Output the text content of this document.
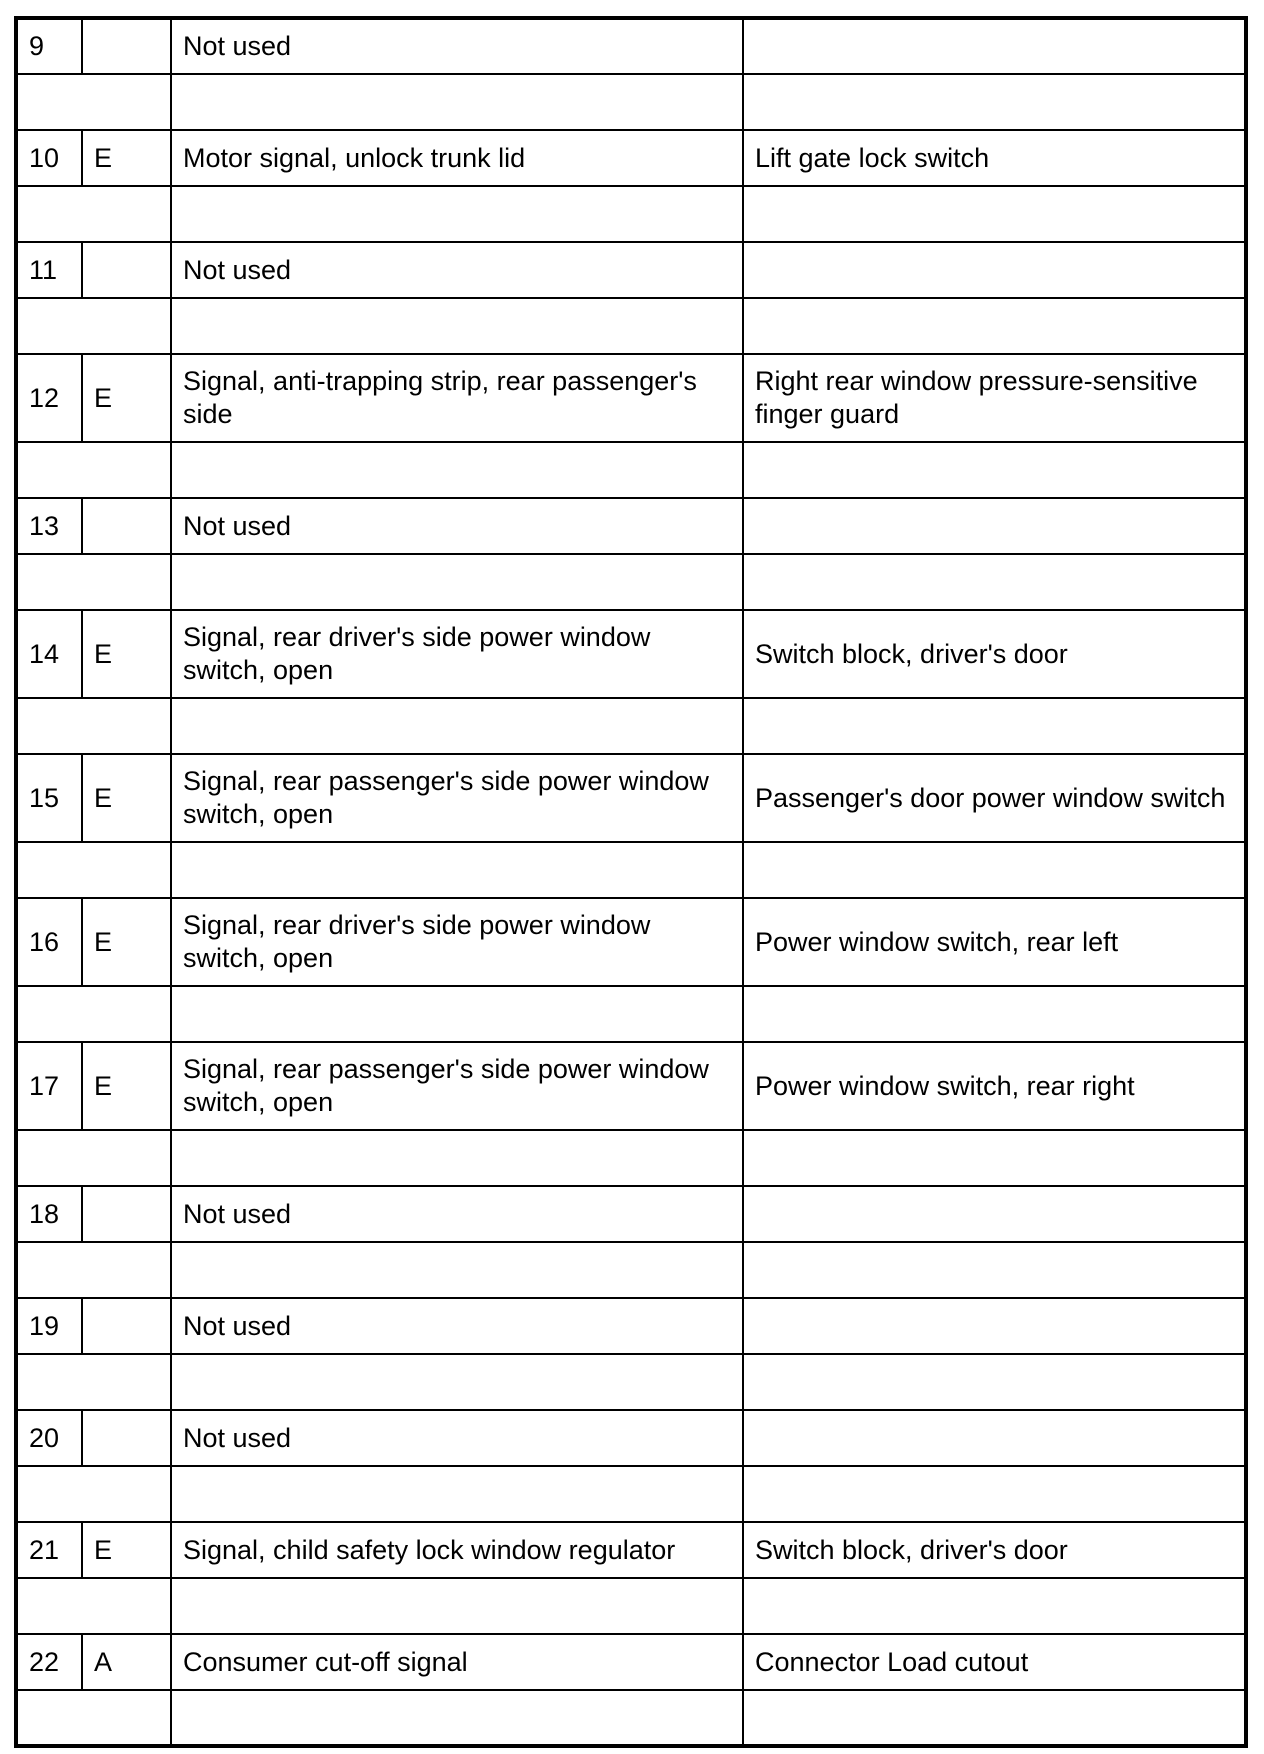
9		Not used	

10	E	Motor signal, unlock trunk lid	Lift gate lock switch

11		Not used	

12	E	Signal, anti-trapping strip, rear passenger's side	Right rear window pressure-sensitive finger guard

13		Not used	

14	E	Signal, rear driver's side power window switch, open	Switch block, driver's door

15	E	Signal, rear passenger's side power window switch, open	Passenger's door power window switch

16	E	Signal, rear driver's side power window switch, open	Power window switch, rear left

17	E	Signal, rear passenger's side power window switch, open	Power window switch, rear right

18		Not used	

19		Not used	

20		Not used	

21	E	Signal, child safety lock window regulator	Switch block, driver's door

22	A	Consumer cut-off signal	Connector Load cutout
